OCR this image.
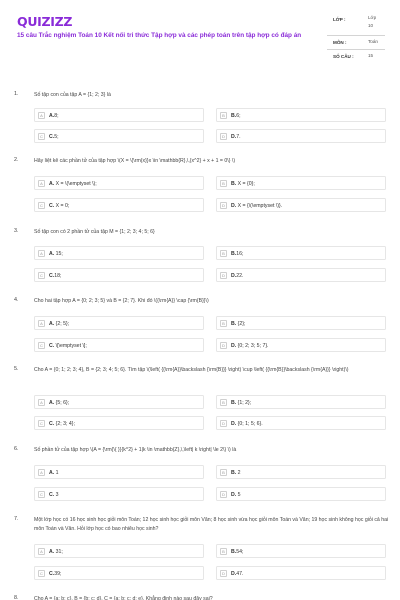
QUIZIZZ
15 câu Trắc nghiệm Toán 10 Kết nối tri thức Tập hợp và các phép toán trên tập hợp có đáp án
LỚP :	Lớp 10
MÔN :	Toán
SỐ CÂU :	15
1.	Số tập con của tập A = {1; 2; 3} là
A	A.8;	B	B.6;
C	C.5;	D	D.7.
2.	Hãy liệt kê các phần tử của tập hợp \(X = \{\rm{x}}x \in \mathbb{R},\,{x^2} + x + 1 = 0\} \)
A	A. X = \(\emptyset \);	B	B. X = {0};
C	C. X = 0;	D	D. X = {\(\emptyset \)}.
3.	Số tập con có 2 phần tử của tập M = {1; 2; 3; 4; 5; 6}
A	A. 15;	B	B.16;
C	C.18;	D	D.22.
4.	Cho hai tập hợp A = {0; 2; 3; 5} và B = {2; 7}. Khi đó \({\rm{A}} \cap {\rm{B}}\)
A	A. {2; 5};	B	B. {2};
C	C. \[\emptyset \];	D	D. {0; 2; 3; 5; 7}.
5.	Cho A = {0; 1; 2; 3; 4}, B = {2; 3; 4; 5; 6}. Tìm tập \(\left( {{\rm{A}}\backslash {\rm{B}}} \right) \cup \left( {{\rm{B}}\backslash {\rm{A}}} \right)\)
A	A. {5; 6};	B	B. {1; 2};
C	C. {2; 3; 4};	D	D. {0; 1; 5; 6}.
6.	Số phần tử của tập hợp \(A = {\rm{\{ }}{k^2} + 1|k \in \mathbb{Z},\,\left| k \right| \le 2\} \) là
A	A. 1	B	B. 2
C	C. 3	D	D. 5
7.	Một lớp học có 16 học sinh học giỏi môn Toán; 12 học sinh học giỏi môn Văn; 8 học sinh vừa học giỏi môn Toán và Văn; 19 học sinh không học giỏi cả hai môn Toán và Văn. Hỏi lớp học có bao nhiêu học sinh?
A	A. 31;	B	B.54;
C	C.39;	D	D.47.
8.	Cho A = {a; b; c}, B = {b; c; d}, C = {a; b; c; d; e}. Khẳng định nào sau đây sai?
